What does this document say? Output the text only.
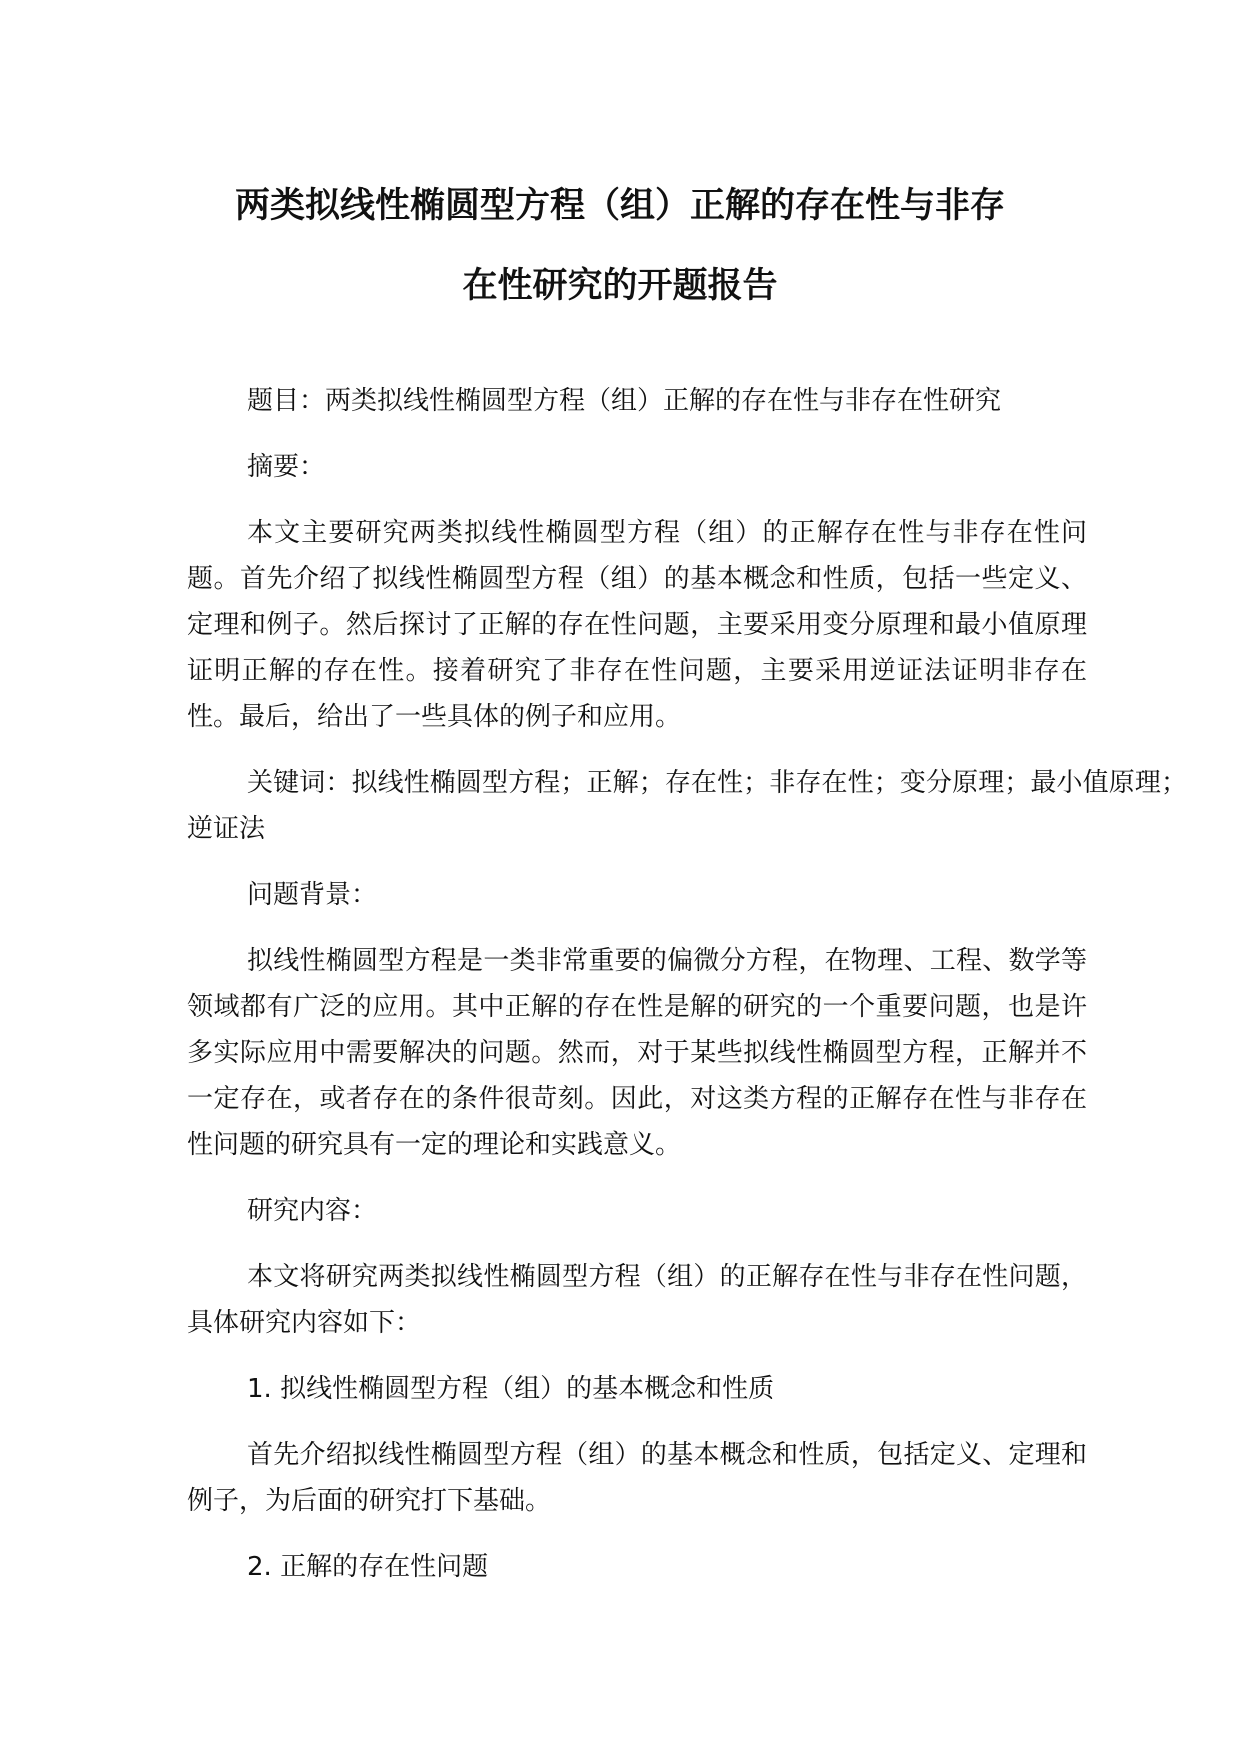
两类拟线性椭圆型方程（组）正解的存在性与非存
在性研究的开题报告

题目：两类拟线性椭圆型方程（组）正解的存在性与非存在性研究

摘要：

本文主要研究两类拟线性椭圆型方程（组）的正解存在性与非存在性问题。首先介绍了拟线性椭圆型方程（组）的基本概念和性质，包括一些定义、定理和例子。然后探讨了正解的存在性问题，主要采用变分原理和最小值原理证明正解的存在性。接着研究了非存在性问题，主要采用逆证法证明非存在性。最后，给出了一些具体的例子和应用。

关键词：拟线性椭圆型方程；正解；存在性；非存在性；变分原理；最小值原理；逆证法

问题背景：

拟线性椭圆型方程是一类非常重要的偏微分方程，在物理、工程、数学等领域都有广泛的应用。其中正解的存在性是解的研究的一个重要问题，也是许多实际应用中需要解决的问题。然而，对于某些拟线性椭圆型方程，正解并不一定存在，或者存在的条件很苛刻。因此，对这类方程的正解存在性与非存在性问题的研究具有一定的理论和实践意义。

研究内容：

本文将研究两类拟线性椭圆型方程（组）的正解存在性与非存在性问题，具体研究内容如下：

1. 拟线性椭圆型方程（组）的基本概念和性质

首先介绍拟线性椭圆型方程（组）的基本概念和性质，包括定义、定理和例子，为后面的研究打下基础。

2. 正解的存在性问题
